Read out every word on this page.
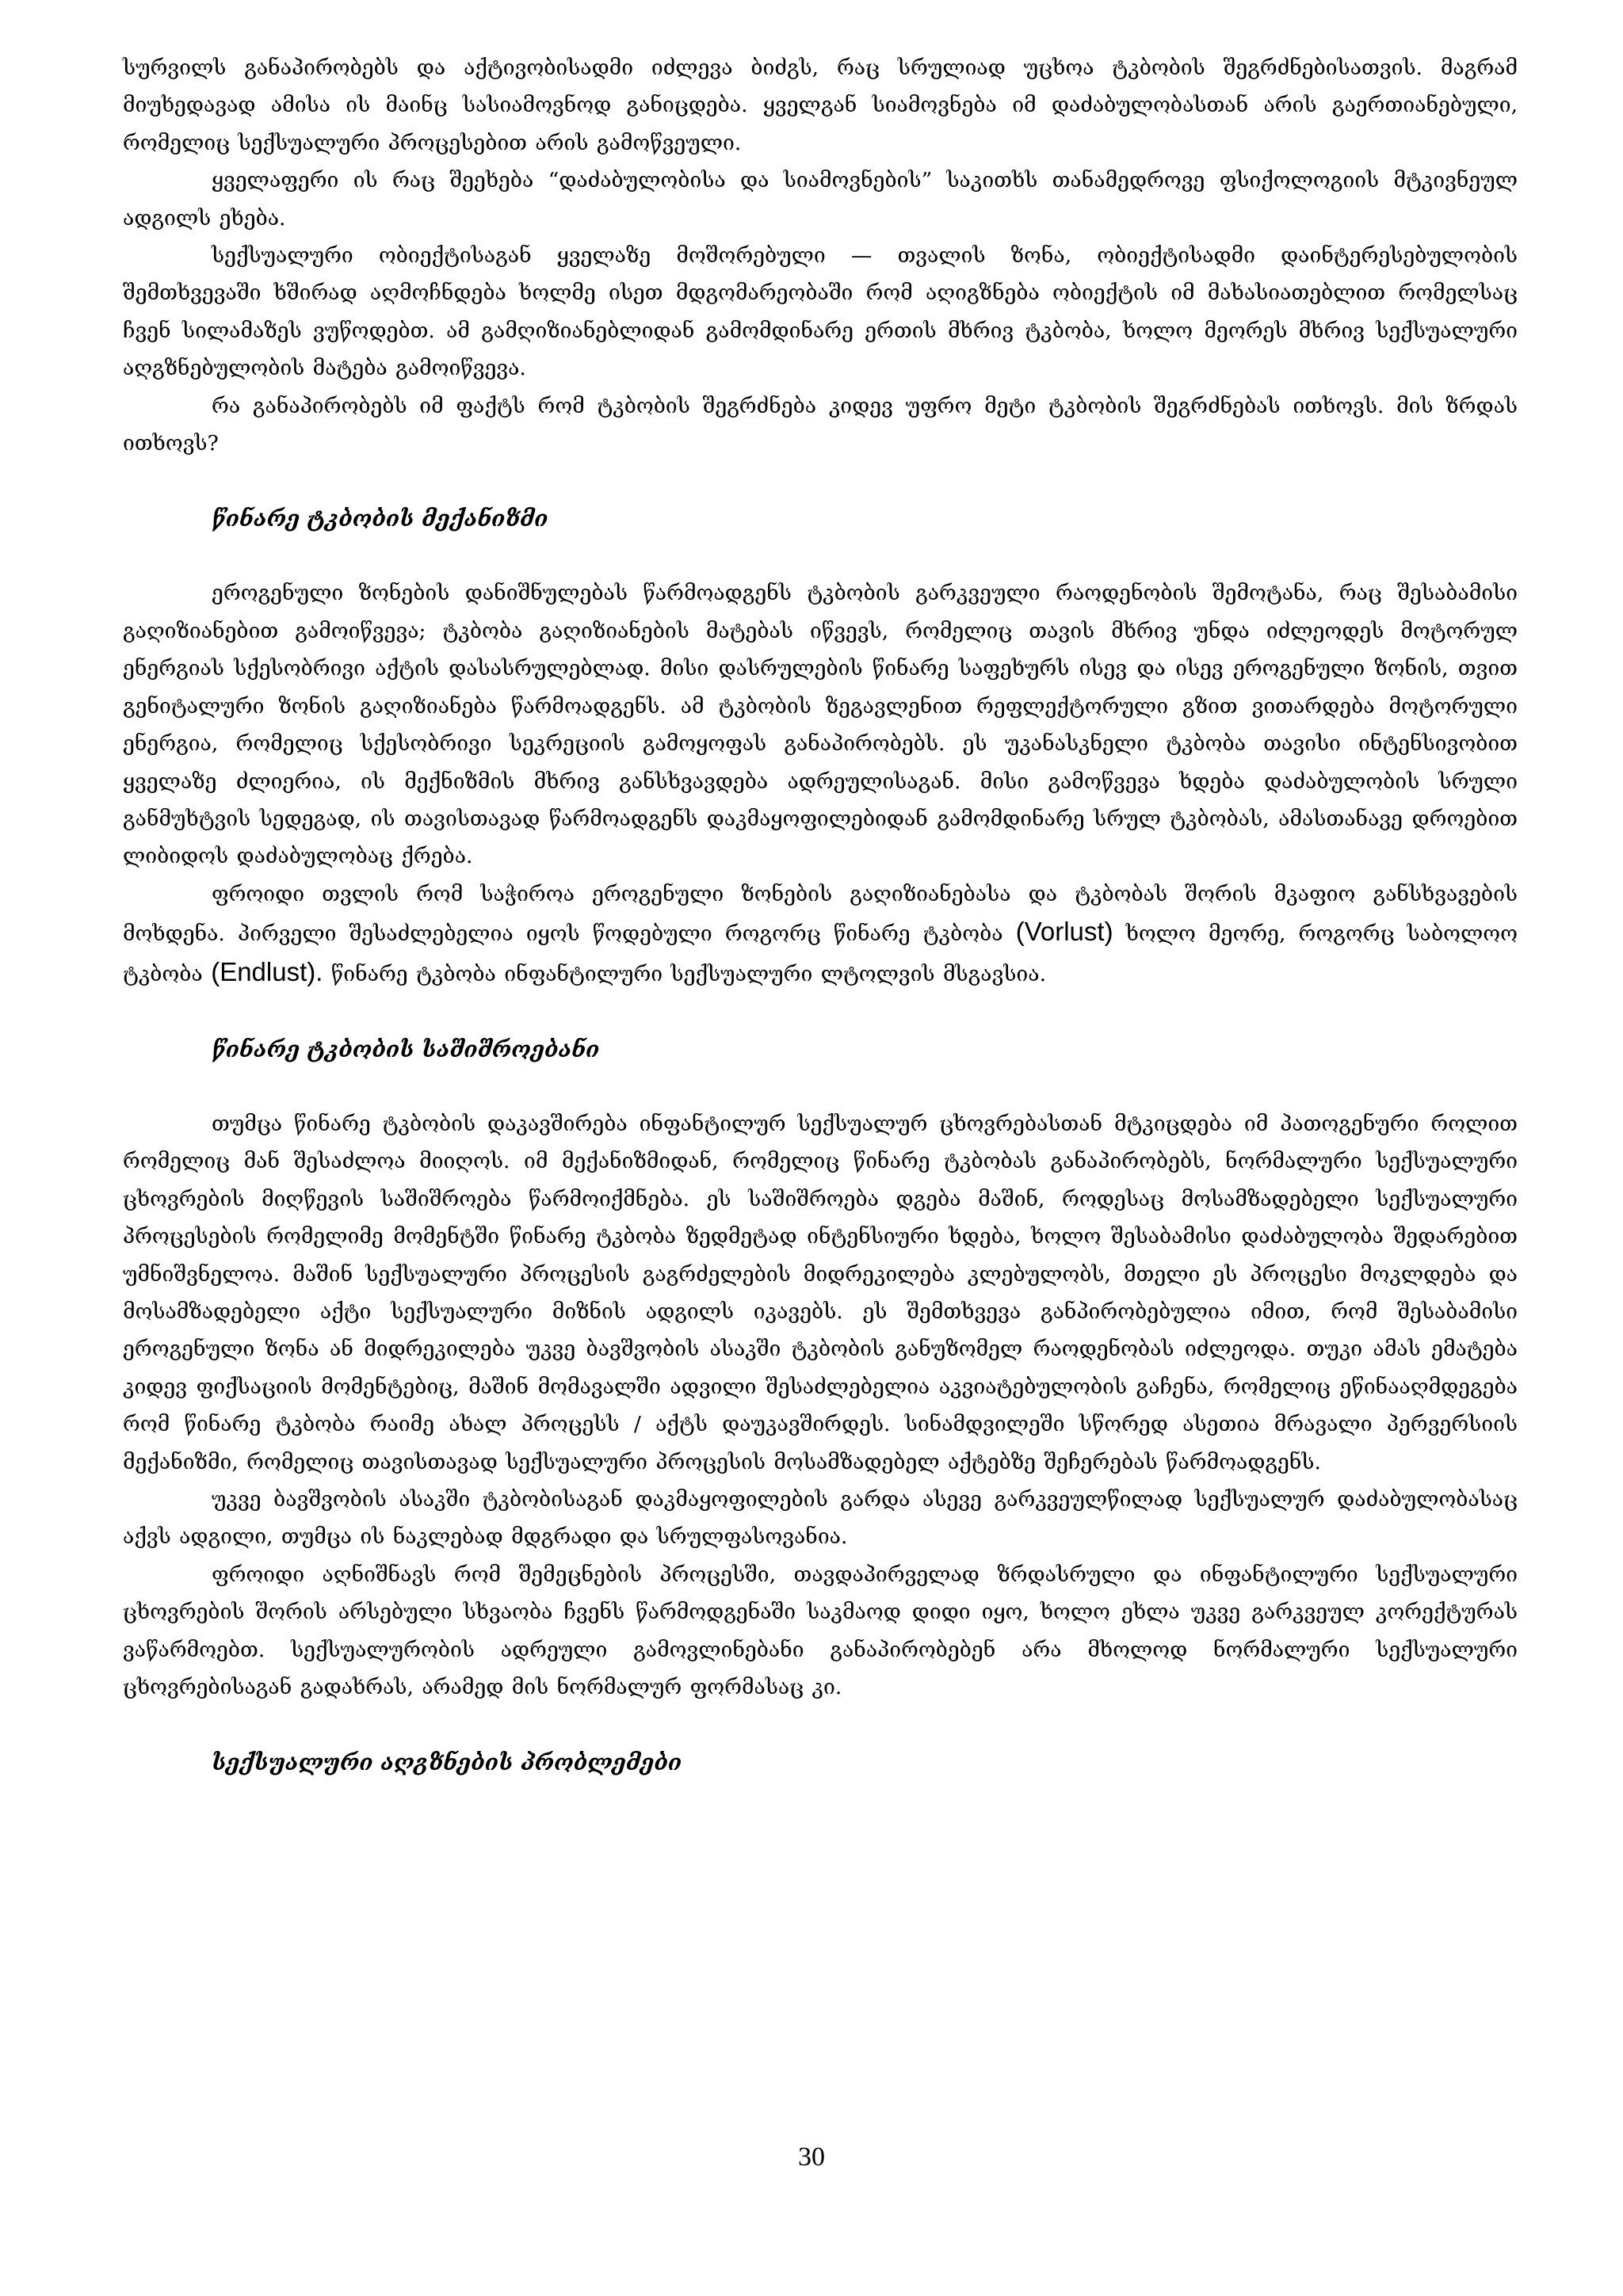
სურვილს განაპირობებს და აქტივობისადმი იძლევა ბიძგს, რაც სრულიად უცხოა ტკბობის შეგრძნებისათვის. მაგრამ მიუხედავად ამისა ის მაინც სასიამოვნოდ განიცდება. ყველგან სიამოვნება იმ დაძაბულობასთან არის გაერთიანებული, რომელიც სექსუალური პროცესებით არის გამოწვეული.

ყველაფერი ის რაც შეეხება “დაძაბულობისა და სიამოვნების” საკითხს თანამედროვე ფსიქოლოგიის მტკივნეულ ადგილს ეხება.

სექსუალური ობიექტისაგან ყველაზე მოშორებული — თვალის ზონა, ობიექტისადმი დაინტერესებულობის შემთხვევაში ხშირად აღმოჩნდება ხოლმე ისეთ მდგომარეობაში რომ აღიგზნება ობიექტის იმ მახასიათებლით რომელსაც ჩვენ სილამაზეს ვუწოდებთ. ამ გამღიზიანებლიდან გამომდინარე ერთის მხრივ ტკბობა, ხოლო მეორეს მხრივ სექსუალური აღგზნებულობის მატება გამოიწვევა.

რა განაპირობებს იმ ფაქტს რომ ტკბობის შეგრძნება კიდევ უფრო მეტი ტკბობის შეგრძნებას ითხოვს. მის ზრდას ითხოვს?

წინარე ტკბობის მექანიზმი

ეროგენული ზონების დანიშნულებას წარმოადგენს ტკბობის გარკვეული რაოდენობის შემოტანა, რაც შესაბამისი გაღიზიანებით გამოიწვევა; ტკბობა გაღიზიანების მატებას იწვევს, რომელიც თავის მხრივ უნდა იძლეოდეს მოტორულ ენერგიას სქესობრივი აქტის დასასრულებლად. მისი დასრულების წინარე საფეხურს ისევ და ისევ ეროგენული ზონის, თვით გენიტალური ზონის გაღიზიანება წარმოადგენს. ამ ტკბობის ზეგავლენით რეფლექტორული გზით ვითარდება მოტორული ენერგია, რომელიც სქესობრივი სეკრეციის გამოყოფას განაპირობებს. ეს უკანასკნელი ტკბობა თავისი ინტენსივობით ყველაზე ძლიერია, ის მექნიზმის მხრივ განსხვავდება ადრეულისაგან. მისი გამოწვევა ხდება დაძაბულობის სრული განმუხტვის სედეგად, ის თავისთავად წარმოადგენს დაკმაყოფილებიდან გამომდინარე სრულ ტკბობას, ამასთანავე დროებით ლიბიდოს დაძაბულობაც ქრება.

ფროიდი თვლის რომ საჭიროა ეროგენული ზონების გაღიზიანებასა და ტკბობას შორის მკაფიო განსხვავების მოხდენა. პირველი შესაძლებელია იყოს წოდებული როგორც წინარე ტკბობა (Vorlust) ხოლო მეორე, როგორც საბოლოო ტკბობა (Endlust). წინარე ტკბობა ინფანტილური სექსუალური ლტოლვის მსგავსია.

წინარე ტკბობის საშიშროებანი

თუმცა წინარე ტკბობის დაკავშირება ინფანტილურ სექსუალურ ცხოვრებასთან მტკიცდება იმ პათოგენური როლით რომელიც მან შესაძლოა მიიღოს. იმ მექანიზმიდან, რომელიც წინარე ტკბობას განაპირობებს, ნორმალური სექსუალური ცხოვრების მიღწევის საშიშროება წარმოიქმნება. ეს საშიშროება დგება მაშინ, როდესაც მოსამზადებელი სექსუალური პროცესების რომელიმე მომენტში წინარე ტკბობა ზედმეტად ინტენსიური ხდება, ხოლო შესაბამისი დაძაბულობა შედარებით უმნიშვნელოა. მაშინ სექსუალური პროცესის გაგრძელების მიდრეკილება კლებულობს, მთელი ეს პროცესი მოკლდება და მოსამზადებელი აქტი სექსუალური მიზნის ადგილს იკავებს. ეს შემთხვევა განპირობებულია იმით, რომ შესაბამისი ეროგენული ზონა ან მიდრეკილება უკვე ბავშვობის ასაკში ტკბობის განუზომელ რაოდენობას იძლეოდა. თუკი ამას ემატება კიდევ ფიქსაციის მომენტებიც, მაშინ მომავალში ადვილი შესაძლებელია აკვიატებულობის გაჩენა, რომელიც ეწინააღმდეგება რომ წინარე ტკბობა რაიმე ახალ პროცესს / აქტს დაუკავშირდეს. სინამდვილეში სწორედ ასეთია მრავალი პერვერსიის მექანიზმი, რომელიც თავისთავად სექსუალური პროცესის მოსამზადებელ აქტებზე შეჩერებას წარმოადგენს.

უკვე ბავშვობის ასაკში ტკბობისაგან დაკმაყოფილების გარდა ასევე გარკვეულწილად სექსუალურ დაძაბულობასაც აქვს ადგილი, თუმცა ის ნაკლებად მდგრადი და სრულფასოვანია.

ფროიდი აღნიშნავს რომ შემეცნების პროცესში, თავდაპირველად ზრდასრული და ინფანტილური სექსუალური ცხოვრების შორის არსებული სხვაობა ჩვენს წარმოდგენაში საკმაოდ დიდი იყო, ხოლო ეხლა უკვე გარკვეულ კორექტურას ვაწარმოებთ. სექსუალურობის ადრეული გამოვლინებანი განაპირობებენ არა მხოლოდ ნორმალური სექსუალური ცხოვრებისაგან გადახრას, არამედ მის ნორმალურ ფორმასაც კი.

სექსუალური აღგზნების პრობლემები
30
